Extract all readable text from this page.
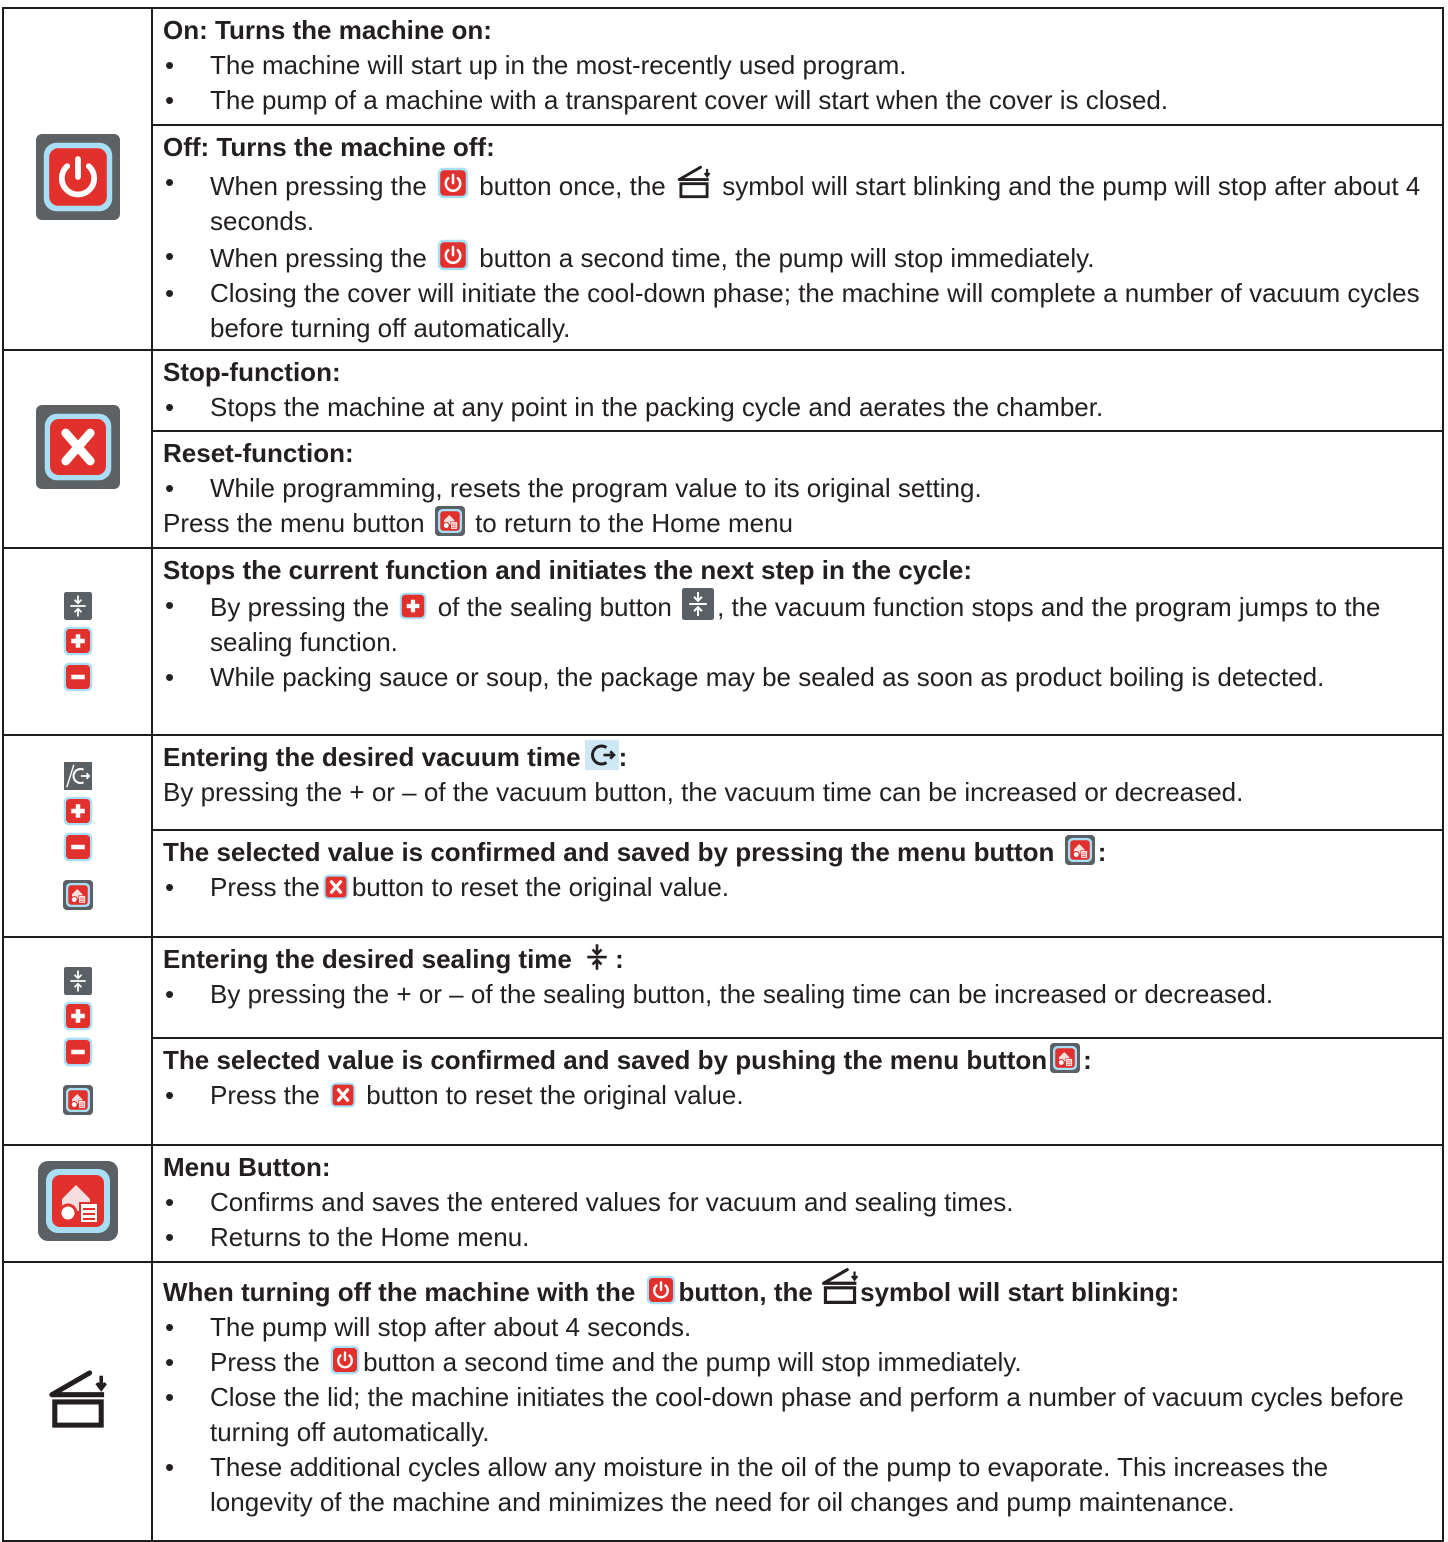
On: Turns the machine on:
• The machine will start up in the most-recently used program.
• The pump of a machine with a transparent cover will start when the cover is closed.

	Off: Turns the machine off:
• When pressing the button once, the symbol will start blinking and the pump will stop after about 4 seconds.
• When pressing the button a second time, the pump will stop immediately.
• Closing the cover will initiate the cool-down phase; the machine will complete a number of vacuum cycles before turning off automatically.

Stop-function:
• Stops the machine at any point in the packing cycle and aerates the chamber.

	Reset-function:
• While programming, resets the program value to its original setting.
Press the menu button to return to the Home menu

Stops the current function and initiates the next step in the cycle:
• By pressing the of the sealing button , the vacuum function stops and the program jumps to the sealing function.
• While packing sauce or soup, the package may be sealed as soon as product boiling is detected.

Entering the desired vacuum time :
By pressing the + or – of the vacuum button, the vacuum time can be increased or decreased.

	The selected value is confirmed and saved by pressing the menu button :
• Press the button to reset the original value.

Entering the desired sealing time :
• By pressing the + or – of the sealing button, the sealing time can be increased or decreased.

	The selected value is confirmed and saved by pushing the menu button :
• Press the button to reset the original value.

Menu Button:
• Confirms and saves the entered values for vacuum and sealing times.
• Returns to the Home menu.

When turning off the machine with the button, the symbol will start blinking:
• The pump will stop after about 4 seconds.
• Press the button a second time and the pump will stop immediately.
• Close the lid; the machine initiates the cool-down phase and perform a number of vacuum cycles before turning off automatically.
• These additional cycles allow any moisture in the oil of the pump to evaporate. This increases the longevity of the machine and minimizes the need for oil changes and pump maintenance.
